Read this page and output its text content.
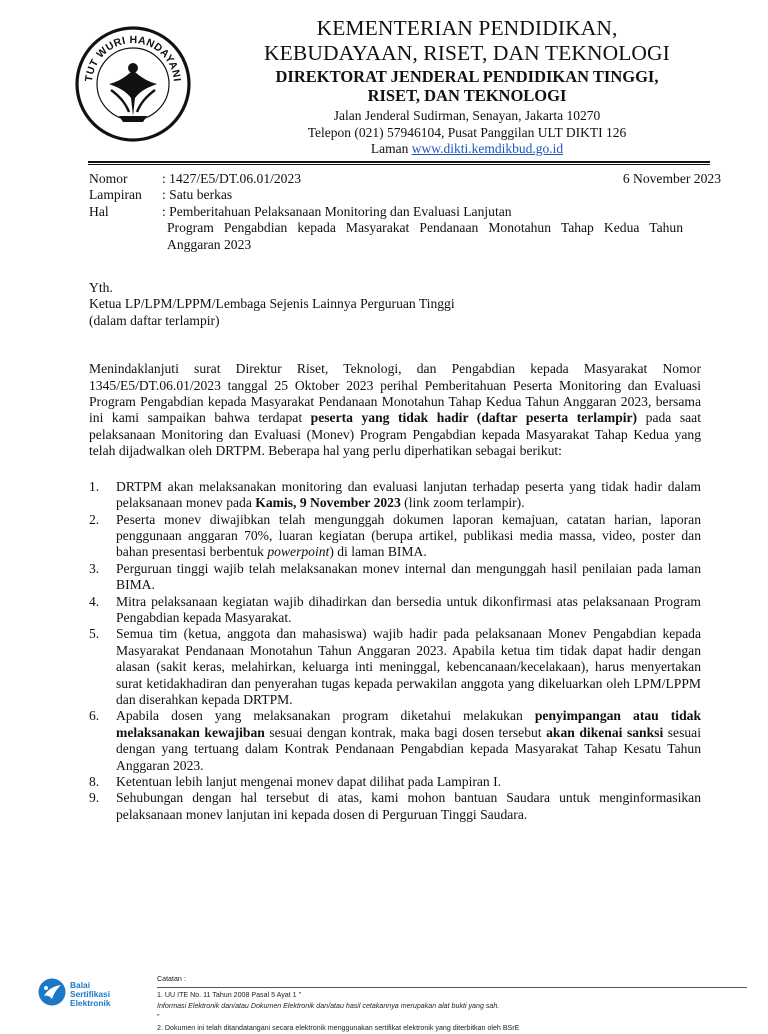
TUT WURI HANDAYANI
KEMENTERIAN PENDIDIKAN,
KEBUDAYAAN, RISET, DAN TEKNOLOGI
DIREKTORAT JENDERAL PENDIDIKAN TINGGI,
RISET, DAN TEKNOLOGI
Jalan Jenderal Sudirman, Senayan, Jakarta 10270
Telepon (021) 57946104, Pusat Panggilan ULT DIKTI 126
Laman www.dikti.kemdikbud.go.id
Nomor	: 1427/E5/DT.06.01/2023
Lampiran	: Satu berkas
Hal	: Pemberitahuan Pelaksanaan Monitoring dan Evaluasi Lanjutan

Program Pengabdian kepada Masyarakat Pendanaan Monotahun Tahap Kedua Tahun Anggaran 2023
6 November 2023
Yth.
Ketua LP/LPM/LPPM/Lembaga Sejenis Lainnya Perguruan Tinggi
(dalam daftar terlampir)

Menindaklanjuti surat Direktur Riset, Teknologi, dan Pengabdian kepada Masyarakat Nomor 1345/E5/DT.06.01/2023 tanggal 25 Oktober 2023 perihal Pemberitahuan Peserta Monitoring dan Evaluasi Program Pengabdian kepada Masyarakat Pendanaan Monotahun Tahap Kedua Tahun Anggaran 2023, bersama ini kami sampaikan bahwa terdapat peserta yang tidak hadir (daftar peserta terlampir) pada saat pelaksanaan Monitoring dan Evaluasi (Monev) Program Pengabdian kepada Masyarakat Tahap Kedua yang telah dijadwalkan oleh DRTPM. Beberapa hal yang perlu diperhatikan sebagai berikut:

1.	DRTPM akan melaksanakan monitoring dan evaluasi lanjutan terhadap peserta yang tidak hadir dalam pelaksanaan monev pada Kamis, 9 November 2023 (link zoom terlampir).
2.	Peserta monev diwajibkan telah mengunggah dokumen laporan kemajuan, catatan harian, laporan penggunaan anggaran 70%, luaran kegiatan (berupa artikel, publikasi media massa, video, poster dan bahan presentasi berbentuk powerpoint) di laman BIMA.
3.	Perguruan tinggi wajib telah melaksanakan monev internal dan mengunggah hasil penilaian pada laman BIMA.
4.	Mitra pelaksanaan kegiatan wajib dihadirkan dan bersedia untuk dikonfirmasi atas pelaksanaan Program Pengabdian kepada Masyarakat.
5.	Semua tim (ketua, anggota dan mahasiswa) wajib hadir pada pelaksanaan Monev Pengabdian kepada Masyarakat Pendanaan Monotahun Tahun Anggaran 2023. Apabila ketua tim tidak dapat hadir dengan alasan (sakit keras, melahirkan, keluarga inti meninggal, kebencanaan/kecelakaan), harus menyertakan surat ketidakhadiran dan penyerahan tugas kepada perwakilan anggota yang dikeluarkan oleh LPM/LPPM dan diserahkan kepada DRTPM.
6.	Apabila dosen yang melaksanakan program diketahui melakukan penyimpangan atau tidak melaksanakan kewajiban sesuai dengan kontrak, maka bagi dosen tersebut akan dikenai sanksi sesuai dengan yang tertuang dalam Kontrak Pendanaan Pengabdian kepada Masyarakat Tahap Kesatu Tahun Anggaran 2023.
8.	Ketentuan lebih lanjut mengenai monev dapat dilihat pada Lampiran I.
9.	Sehubungan dengan hal tersebut di atas, kami mohon bantuan Saudara untuk menginformasikan pelaksanaan monev lanjutan ini kepada dosen di Perguruan Tinggi Saudara.
Balai
Sertifikasi
Elektronik
Catatan :
1. UU ITE No. 11 Tahun 2008 Pasal 5 Ayat 1 "
Informasi Elektronik dan/atau Dokumen Elektronik dan/atau hasil cetakannya merupakan alat bukti yang sah.
"
2. Dokumen ini telah ditandatangani secara elektronik menggunakan sertifikat elektronik yang diterbitkan oleh BSrE
